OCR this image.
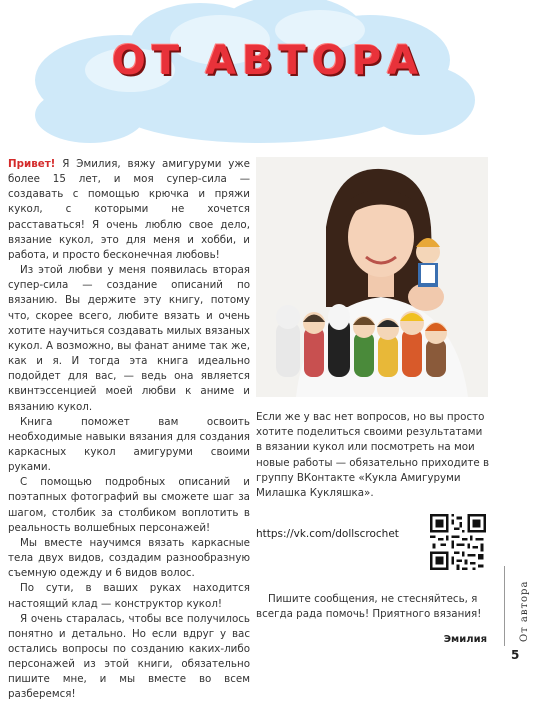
ОТ АВТОРА

Привет! Я Эмилия, вяжу амигуруми уже более 15 лет, и моя супер-сила — создавать с помощью крючка и пряжи кукол, с которыми не хочется расставаться! Я очень люблю свое дело, вязание кукол, это для меня и хобби, и работа, и просто бесконечная любовь!

Из этой любви у меня появилась вторая супер-сила — создание описаний по вязанию. Вы держите эту книгу, потому что, скорее всего, любите вязать и очень хотите научиться создавать милых вязаных кукол. А возможно, вы фанат аниме так же, как и я. И тогда эта книга идеально подойдет для вас, — ведь она является квинтэссенцией моей любви к аниме и вязанию кукол.

Книга поможет вам освоить необходимые навыки вязания для создания каркасных кукол амигуруми своими руками.

С помощью подробных описаний и поэтапных фотографий вы сможете шаг за шагом, столбик за столбиком воплотить в реальность волшебных персонажей!

Мы вместе научимся вязать каркасные тела двух видов, создадим разнообразную съемную одежду и 6 видов волос.

По сути, в ваших руках находится настоящий клад — конструктор кукол!

Я очень старалась, чтобы все получилось понятно и детально. Но если вдруг у вас остались вопросы по созданию каких-либо персонажей из этой книги, обязательно пишите мне, и мы вместе во всем разберемся!

Если же у вас нет вопросов, но вы просто хотите поделиться своими результатами в вязании кукол или посмотреть на мои новые работы — обязательно приходите в группу ВКонтакте «Кукла Амигуруми Милашка Кукляшка».

https://vk.com/dollscrochet

Пишите сообщения, не стесняйтесь, я всегда рада помочь! Приятного вязания!

Эмилия	От автора
5
